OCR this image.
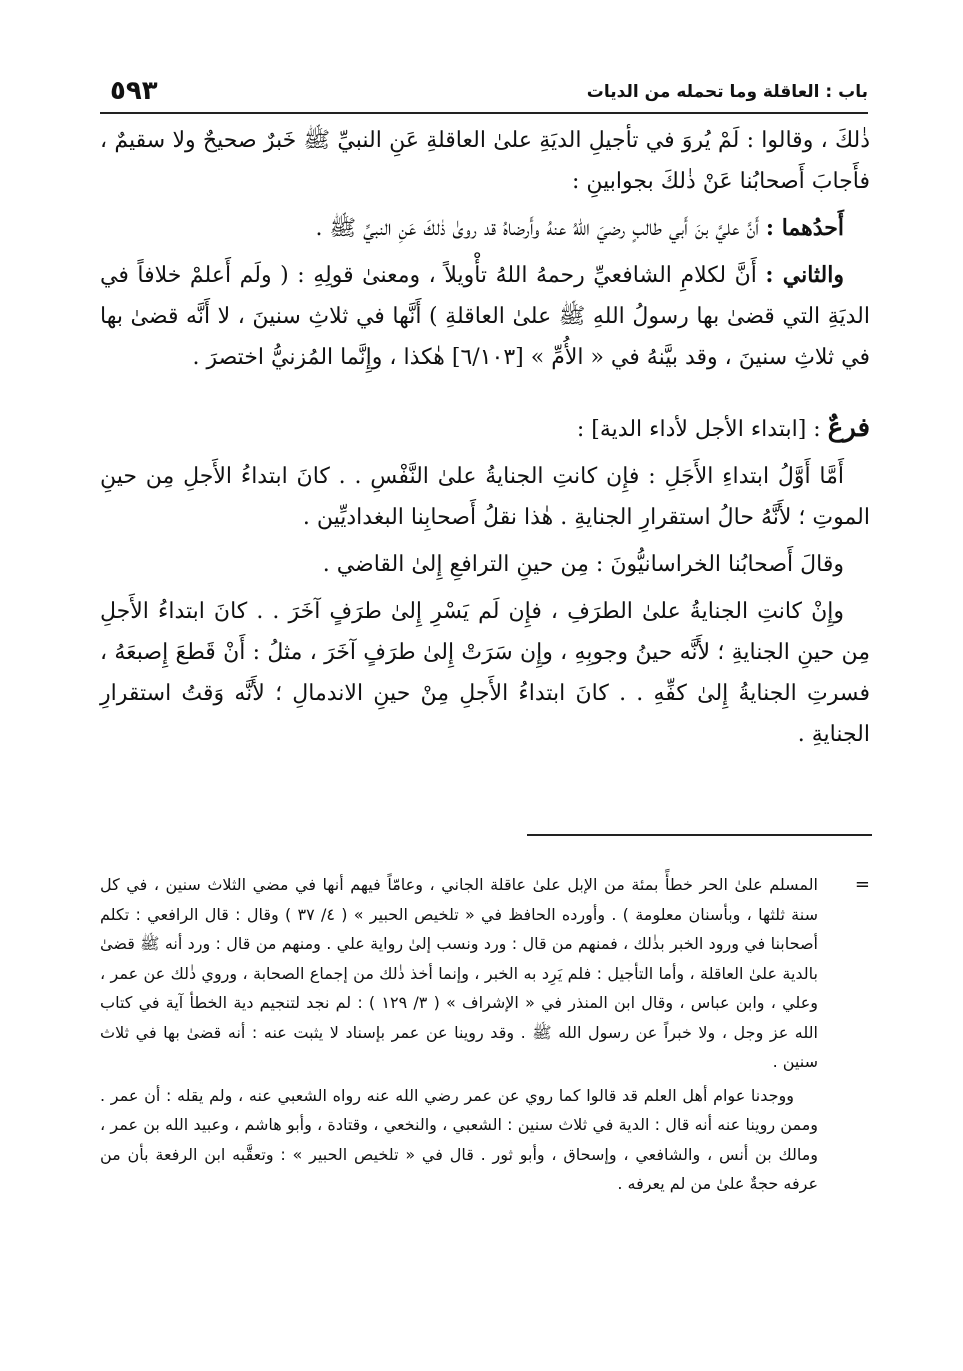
باب : العاقلة وما تحمله من الديات
٥٩٣

ذٰلكَ ، وقالوا : لَمْ يُروَ في تأجيلِ الديَةِ علىٰ العاقلةِ عَنِ النبيِّ ﷺ خَبرٌ صحيحٌ ولا سقيمٌ ، فأَجابَ أَصحابُنا عَنْ ذٰلكَ بجوابينِ :

أَحدُهما : أَنَّ عليَّ بنَ أَبي طالبٍ رضيَ اللهُ عنهُ وأَرضاهُ قد روىٰ ذٰلكَ عَنِ النبيِّ ﷺ .

والثاني : أَنَّ لكلامِ الشافعيِّ رحمهُ اللهُ تأْويلاً ، ومعنىٰ قولِهِ : ( ولَم أَعلمْ خلافاً في الديَةِ التي قضىٰ بها رسولُ اللهِ ﷺ علىٰ العاقلةِ ) أَنَّها في ثلاثِ سنينَ ، لا أَنَّه قضىٰ بها في ثلاثِ سنينَ ، وقد بيَّنهُ في « الأُمِّ » [٦/١٠٣] هٰكذا ، وإِنَّما المُزنيُّ اختصرَ .

فرعٌ : [ابتداء الأجل لأداء الدية] :

أَمَّا أَوَّلُ ابتداءِ الأَجَلِ : فإِن كانتِ الجنايةُ علىٰ النَّفْسِ . . كانَ ابتداءُ الأَجلِ مِن حينِ الموتِ ؛ لأَنَّهُ حالُ استقرارِ الجنايةِ . هٰذا نقلُ أَصحابِنا البغداديِّين .

وقالَ أَصحابُنا الخراسانيُّونَ : مِن حينِ الترافعِ إِلىٰ القاضي .

وإِنْ كانتِ الجنايةُ علىٰ الطرَفِ ، فإِن لَم يَسْرِ إِلىٰ طرَفٍ آخَرَ . . كانَ ابتداءُ الأَجلِ مِن حينِ الجنايةِ ؛ لأَنَّه حينُ وجوبِهِ ، وإِن سَرَتْ إِلىٰ طرَفٍ آخَرَ ، مثلُ : أَنْ قَطعَ إِصبعَهُ ، فسرتِ الجنايةُ إِلىٰ كفِّهِ . . كانَ ابتداءُ الأَجلِ مِنْ حينِ الاندمالِ ؛ لأَنَّه وَقتُ استقرارِ الجنايةِ .

=
المسلم علىٰ الحر خطأً بمئة من الإبل علىٰ عاقلة الجاني ، وعامّاً فيهم أنها في مضي الثلاث سنين ، في كل سنة ثلثها ، وبأسنان معلومة ) . وأورده الحافظ في « تلخيص الحبير » ( ٤/ ٣٧ ) وقال : قال الرافعي : تكلم أصحابنا في ورود الخبر بذٰلك ، فمنهم من قال : ورد ونسب إلىٰ رواية علي . ومنهم من قال : ورد أنه ﷺ قضىٰ بالدية علىٰ العاقلة ، وأما التأجيل : فلم يَرِد به الخبر ، وإنما أخذ ذٰلك من إجماع الصحابة ، وروي ذٰلك عن عمر ، وعلي ، وابن عباس ، وقال ابن المنذر في « الإشراف » ( ٣/ ١٢٩ ) : لم نجد لتنجيم دية الخطأ آية في كتاب الله عز وجل ، ولا خبراً عن رسول الله ﷺ . وقد روينا عن عمر بإسناد لا يثبت عنه : أنه قضىٰ بها في ثلاث سنين .

ووجدنا عوام أهل العلم قد قالوا كما روي عن عمر رضي الله عنه رواه الشعبي عنه ، ولم يقله : أن عمر . وممن روينا عنه أنه قال : الدية في ثلاث سنين : الشعبي ، والنخعي ، وقتادة ، وأبو هاشم ، وعبيد الله بن عمر ، ومالك بن أنس ، والشافعي ، وإسحاق ، وأبو ثور . قال في « تلخيص الحبير » : وتعقَّبه ابن الرفعة بأن من عرفه حجةٌ علىٰ من لم يعرفه .
